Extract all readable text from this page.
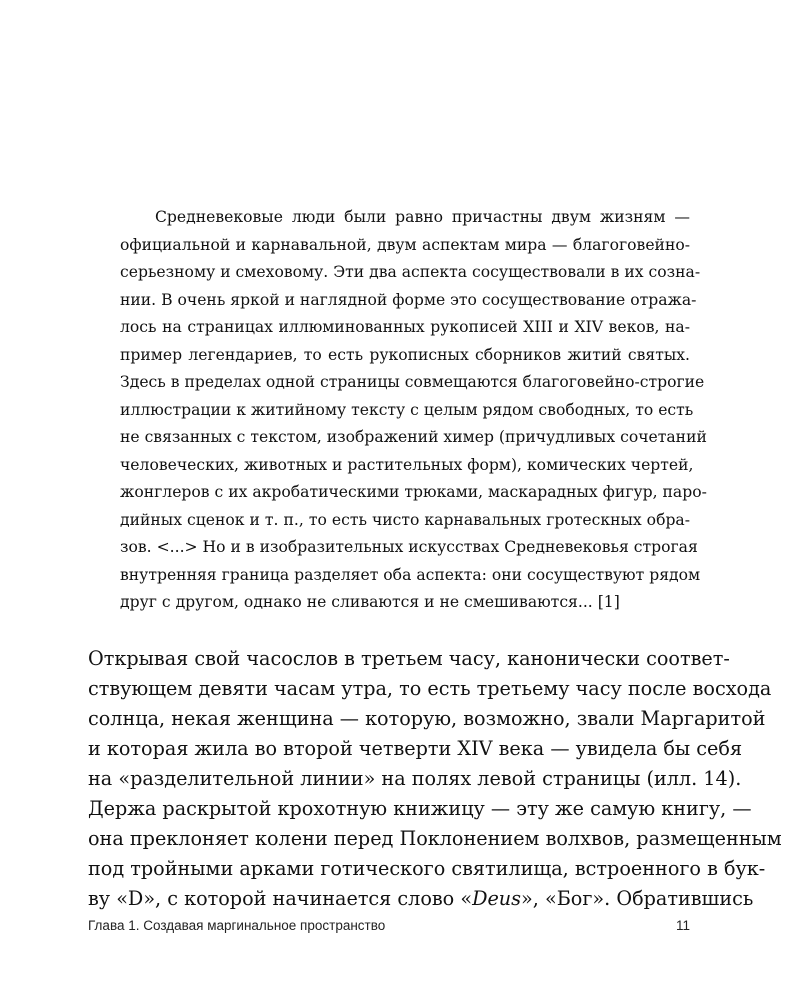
Средневековые люди были равно причастны двум жизням —
официальной и карнавальной, двум аспектам мира — благоговейно-
серьезному и смеховому. Эти два аспекта сосуществовали в их созна-
нии. В очень яркой и наглядной форме это сосуществование отража-
лось на страницах иллюминованных рукописей XIII и XIV веков, на-
пример легендариев, то есть рукописных сборников житий святых.
Здесь в пределах одной страницы совмещаются благоговейно-строгие
иллюстрации к житийному тексту с целым рядом свободных, то есть
не связанных с текстом, изображений химер (причудливых сочетаний
человеческих, животных и растительных форм), комических чертей,
жонглеров с их акробатическими трюками, маскарадных фигур, паро-
дийных сценок и т. п., то есть чисто карнавальных гротескных обра-
зов. <...> Но и в изобразительных искусствах Средневековья строгая
внутренняя граница разделяет оба аспекта: они сосуществуют рядом
друг с другом, однако не сливаются и не смешиваются... [1]
Открывая свой часослов в третьем часу, канонически соответ-
ствующем девяти часам утра, то есть третьему часу после восхода
солнца, некая женщина — которую, возможно, звали Маргаритой
и которая жила во второй четверти XIV века — увидела бы себя
на «разделительной линии» на полях левой страницы (илл. 14).
Держа раскрытой крохотную книжицу — эту же самую книгу, —
она преклоняет колени перед Поклонением волхвов, размещенным
под тройными арками готического святилища, встроенного в бук-
ву «D», с которой начинается слово «Deus», «Бог». Обратившись
Глава 1. Создавая маргинальное пространство	11
